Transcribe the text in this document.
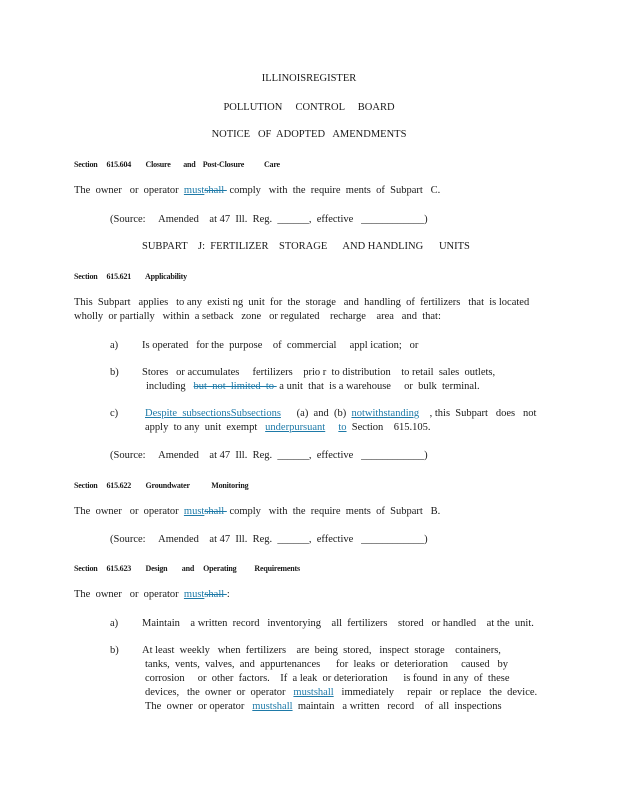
ILLINOISREGISTER
POLLUTION     CONTROL     BOARD
NOTICE   OF  ADOPTED   AMENDMENTS
Section     615.604        Closure       and    Post-Closure           Care
The  owner   or  operator  mustshall  comply   with  the  require  ments  of  Subpart   C.
(Source:     Amended    at 47  Ill.  Reg.  ______,  effective   ____________)
SUBPART    J:  FERTILIZER    STORAGE      AND HANDLING      UNITS
Section     615.621        Applicability
This  Subpart   applies   to any  existi ng  unit  for  the  storage   and  handling  of  fertilizers   that  is located
wholly  or partially   within  a setback   zone   or regulated    recharge    area   and  that:
a) Is operated   for the  purpose    of  commercial     appl ication;   or
b) Stores   or accumulates     fertilizers    prio r  to distribution    to retail  sales  outlets,
including   but  not  limited  to  a unit  that  is a warehouse     or  bulk  terminal.
c)	Despite  subsectionsSubsections      (a)  and  (b)  notwithstanding    , this  Subpart   does   not
apply  to any  unit  exempt   underpursuant to  Section    615.105.
(Source:     Amended    at 47  Ill.  Reg.  ______,  effective   ____________)
Section     615.622        Groundwater            Monitoring
The  owner   or  operator  mustshall  comply   with  the  require  ments  of  Subpart   B.
(Source:     Amended    at 47  Ill.  Reg.  ______,  effective   ____________)
Section     615.623        Design        and     Operating          Requirements
The  owner   or  operator  mustshall :
a) Maintain    a written  record   inventorying    all  fertilizers    stored   or handled    at the  unit.
b) At least  weekly   when  fertilizers    are  being  stored,   inspect  storage    containers,
tanks,  vents,  valves,  and  appurtenances      for  leaks  or  deterioration     caused   by
corrosion     or  other  factors.    If  a leak  or deterioration      is found  in any  of  these
devices,   the  owner  or  operator   mustshall   immediately     repair   or replace   the  device.
The  owner  or operator   mustshall  maintain   a written   record    of  all  inspections
